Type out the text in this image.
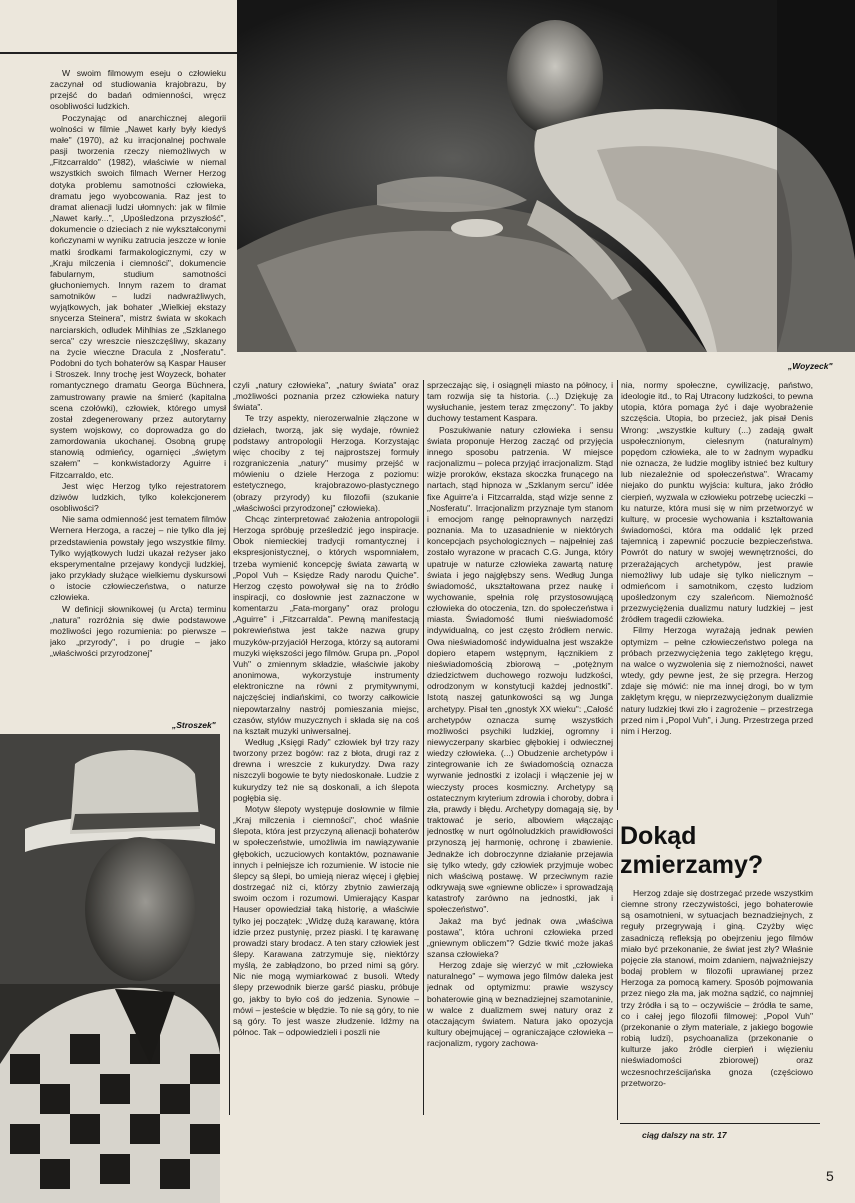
„Woyzeck"

W swoim filmowym eseju o człowieku zaczynał od studiowania krajobrazu, by przejść do badań odmienności, wręcz osobliwości ludzkich.

Poczynając od anarchicznej alegorii wolności w filmie „Nawet karły były kiedyś małe" (1970), aż ku irracjonalnej pochwale pasji tworzenia rzeczy niemożliwych w „Fitzcarraldo" (1982), właściwie w niemal wszystkich swoich filmach Werner Herzog dotyka problemu samotności człowieka, dramatu jego wyobcowania. Raz jest to dramat alienacji ludzi ułomnych: jak w filmie „Nawet karły...", „Upośledzona przyszłość", dokumencie o dzieciach z nie wykształconymi kończynami w wyniku zatrucia jeszcze w łonie matki środkami farmakologicznymi, czy w „Kraju milczenia i ciemności", dokumencie fabularnym, studium samotności głuchoniemych. Innym razem to dramat samotników – ludzi nadwrażliwych, wyjątkowych, jak bohater „Wielkiej ekstazy snycerza Steinera", mistrz świata w skokach narciarskich, odludek Mihlhias ze „Szklanego serca" czy wreszcie nieszczęśliwy, skazany na życie wieczne Dracula z „Nosferatu". Podobni do tych bohaterów są Kaspar Hauser i Stroszek. Inny trochę jest Woyzeck, bohater romantycznego dramatu Georga Büchnera, zamustrowany prawie na śmierć (kapitalna scena czołówki), człowiek, którego umysł został zdegenerowany przez autorytarny system wojskowy, co doprowadza go do zamordowania ukochanej. Osobną grupę stanowią odmieńcy, ogarnięci „świętym szałem" – konkwistadorzy Aguirre i Fitzcarraldo, etc.

Jest więc Herzog tylko rejestratorem dziwów ludzkich, tylko kolekcjonerem osobliwości?

Nie sama odmienność jest tematem filmów Wernera Herzoga, a raczej – nie tylko dla jej przedstawienia powstały jego wszystkie filmy. Tylko wyjątkowych ludzi ukazał reżyser jako eksperymentalne przejawy kondycji ludzkiej, jako przykłady służące wielkiemu dyskursowi o istocie człowieczeństwa, o naturze człowieka.

W definicji słownikowej (u Arcta) terminu „natura" rozróżnia się dwie podstawowe możliwości jego rozumienia: po pierwsze – jako „przyrody", i po drugie – jako „właściwości przyrodzonej"

„Stroszek"

czyli „natury człowieka", „natury świata" oraz „możliwości poznania przez człowieka natury świata".

Te trzy aspekty, nierozerwalnie złączone w dziełach, tworzą, jak się wydaje, również podstawy antropologii Herzoga. Korzystając więc chociby z tej najprostszej formuły rozgraniczenia „natury" musimy przejść w mówieniu o dziele Herzoga z poziomu: estetycznego, krajobrazowo-plastycznego (obrazy przyrody) ku filozofii (szukanie „właściwości przyrodzonej" człowieka).

Chcąc zinterpretować założenia antropologii Herzoga spróbuję prześledzić jego inspiracje. Obok niemieckiej tradycji romantycznej i ekspresjonistycznej, o których wspomniałem, trzeba wymienić koncepcję świata zawartą w „Popol Vuh – Księdze Rady narodu Quiche". Herzog często powoływał się na to źródło inspiracji, co dosłownie jest zaznaczone w komentarzu „Fata-morgany" oraz prologu „Aguirre" i „Fitzcarralda". Pewną manifestacją pokrewieństwa jest także nazwa grupy muzyków-przyjaciół Herzoga, którzy są autorami muzyki większości jego filmów. Grupa pn. „Popol Vuh" o zmiennym składzie, właściwie jakoby anonimowa, wykorzystuje instrumenty elektroniczne na równi z prymitywnymi, najczęściej indiańskimi, co tworzy całkowicie niepowtarzalny nastrój pomieszania miejsc, czasów, stylów muzycznych i składa się na coś na kształt muzyki uniwersalnej.

Według „Księgi Rady" człowiek był trzy razy tworzony przez bogów: raz z błota, drugi raz z drewna i wreszcie z kukurydzy. Dwa razy niszczyli bogowie te byty niedoskonałe. Ludzie z kukurydzy też nie są doskonali, a ich ślepota pogłębia się.

Motyw ślepoty występuje dosłownie w filmie „Kraj milczenia i ciemności", choć właśnie ślepota, która jest przyczyną alienacji bohaterów w społeczeństwie, umożliwia im nawiązywanie głębokich, uczuciowych kontaktów, poznawanie innych i pełniejsze ich rozumienie. W istocie nie ślepcy są ślepi, bo umieją nieraz więcej i głębiej dostrzegać niż ci, którzy zbytnio zawierzają swoim oczom i rozumowi. Umierający Kaspar Hauser opowiedział taką historię, a właściwie tylko jej początek: „Widzę dużą karawanę, która idzie przez pustynię, przez piaski. I tę karawanę prowadzi stary brodacz. A ten stary człowiek jest ślepy. Karawana zatrzymuje się, niektórzy myślą, że zabłądzono, bo przed nimi są góry. Nic nie mogą wymiarkować z busoli. Wtedy ślepy przewodnik bierze garść piasku, próbuje go, jakby to było coś do jedzenia. Synowie – mówi – jesteście w błędzie. To nie są góry, to nie są góry. To jest wasze złudzenie. Idźmy na północ. Tak – odpowiedzieli i poszli nie

sprzeczając się, i osiągnęli miasto na północy, i tam rozwija się ta historia. (...) Dziękuję za wysłuchanie, jestem teraz zmęczony". To jakby duchowy testament Kaspara.

Poszukiwanie natury człowieka i sensu świata proponuje Herzog zacząć od przyjęcia innego sposobu patrzenia. W miejsce racjonalizmu – poleca przyjąć irracjonalizm. Stąd wizje proroków, ekstaza skoczka frunącego na nartach, stąd hipnoza w „Szklanym sercu" idée fixe Aguirre'a i Fitzcarralda, stąd wizje senne z „Nosferatu". Irracjonalizm przyznaje tym stanom i emocjom rangę pełnoprawnych narzędzi poznania. Ma to uzasadnienie w niektórych koncepcjach psychologicznych – najpełniej zaś zostało wyrazone w pracach C.G. Junga, który upatruje w naturze człowieka zawartą naturę świata i jego najgłębszy sens. Według Junga świadomość, ukształtowana przez naukę i wychowanie, spełnia rolę przystosowującą człowieka do otoczenia, tzn. do społeczeństwa i miasta. Świadomość tłumi nieświadomość indywidualną, co jest często źródłem nerwic. Owa nieświadomość indywidualna jest wszakże dopiero etapem wstępnym, łącznikiem z nieświadomością zbiorową – „potężnym dziedzictwem duchowego rozwoju ludzkości, odrodzonym w konstytucji każdej jednostki". Istotą naszej gatunkowości są wg Junga archetypy. Pisał ten „gnostyk XX wieku": „Całość archetypów oznacza sumę wszystkich możliwości psychiki ludzkiej, ogromny i niewyczerpany skarbiec głębokiej i odwiecznej wiedzy człowieka. (...) Obudzenie archetypów i zintegrowanie ich ze świadomością oznacza wyrwanie jednostki z izolacji i włączenie jej w wieczysty proces kosmiczny. Archetypy są ostatecznym kryterium zdrowia i choroby, dobra i zła, prawdy i błędu. Archetypy domagają się, by traktować je serio, albowiem włączając jednostkę w nurt ogólnoludzkich prawidłowości przynoszą jej harmonię, ochronę i zbawienie. Jednakże ich dobroczynne działanie przejawia się tylko wtedy, gdy człowiek przyjmuje wobec nich właściwą postawę. W przeciwnym razie odkrywają swe «gniewne oblicze» i sprowadzają katastrofy zarówno na jednostki, jak i społeczeństwo".

Jakaż ma być jednak owa „właściwa postawa", która uchroni człowieka przed „gniewnym obliczem"? Gdzie tkwić może jakaś szansa człowieka?

Herzog zdaje się wierzyć w mit „człowieka naturalnego" – wymowa jego filmów daleka jest jednak od optymizmu: prawie wszyscy bohaterowie giną w beznadziejnej szamotaninie, w walce z dualizmem swej natury oraz z otaczającym światem. Natura jako opozycja kultury obejmującej – ograniczające człowieka – racjonalizm, rygory zachowa-

nia, normy społeczne, cywilizację, państwo, ideologie itd., to Raj Utracony ludzkości, to pewna utopia, która pomaga żyć i daje wyobrażenie szczęścia. Utopia, bo przecież, jak pisał Denis Wrong: „wszystkie kultury (...) zadają gwałt uspołecznionym, cielesnym (naturalnym) popędom człowieka, ale to w żadnym wypadku nie oznacza, że ludzie mogliby istnieć bez kultury lub niezależnie od społeczeństwa". Wracamy niejako do punktu wyjścia: kultura, jako źródło cierpień, wyzwala w człowieku potrzebę ucieczki – ku naturze, która musi się w nim przetworzyć w kulturę, w procesie wychowania i kształtowania świadomości, która ma oddalić lęk przed tajemnicą i zapewnić poczucie bezpieczeństwa. Powrót do natury w swojej wewnętrzności, do przerażających archetypów, jest prawie niemożliwy lub udaje się tylko nielicznym – odmieńcom i samotnikom, często ludziom upośledzonym czy szaleńcom. Niemożność przezwyciężenia dualizmu natury ludzkiej – jest źródłem tragedii człowieka.

Filmy Herzoga wyrażają jednak pewien optymizm – pełne człowieczeństwo polega na próbach przezwyciężenia tego zaklętego kręgu, na walce o wyzwolenia się z niemożności, nawet wtedy, gdy pewne jest, że się przegra. Herzog zdaje się mówić: nie ma innej drogi, bo w tym zaklętym kręgu, w nieprzezwyciężonym dualizmie natury ludzkiej tkwi zło i zagrożenie – przestrzega przed nim i „Popol Vuh", i Jung. Przestrzega przed nim i Herzog.

Dokąd zmierzamy?

Herzog zdaje się dostrzegać przede wszystkim ciemne strony rzeczywistości, jego bohaterowie są osamotnieni, w sytuacjach beznadziejnych, z reguły przegrywają i giną. Czyżby więc zasadniczą refleksją po obejrzeniu jego filmów miało być przekonanie, że świat jest zły? Właśnie pojęcie zła stanowi, moim zdaniem, najważniejszy bodaj problem w filozofii uprawianej przez Herzoga za pomocą kamery. Sposób pojmowania przez niego zła ma, jak można sądzić, co najmniej trzy źródła i są to – oczywiście – źródła te same, co i całej jego filozofii filmowej: „Popol Vuh" (przekonanie o złym materiale, z jakiego bogowie robią ludzi), psychoanaliza (przekonanie o kulturze jako źródle cierpień i więzieniu nieświadomości zbiorowej) oraz wczesnochrześcijańska gnoza (częściowo przetworzo-

ciąg dalszy na str. 17
5
